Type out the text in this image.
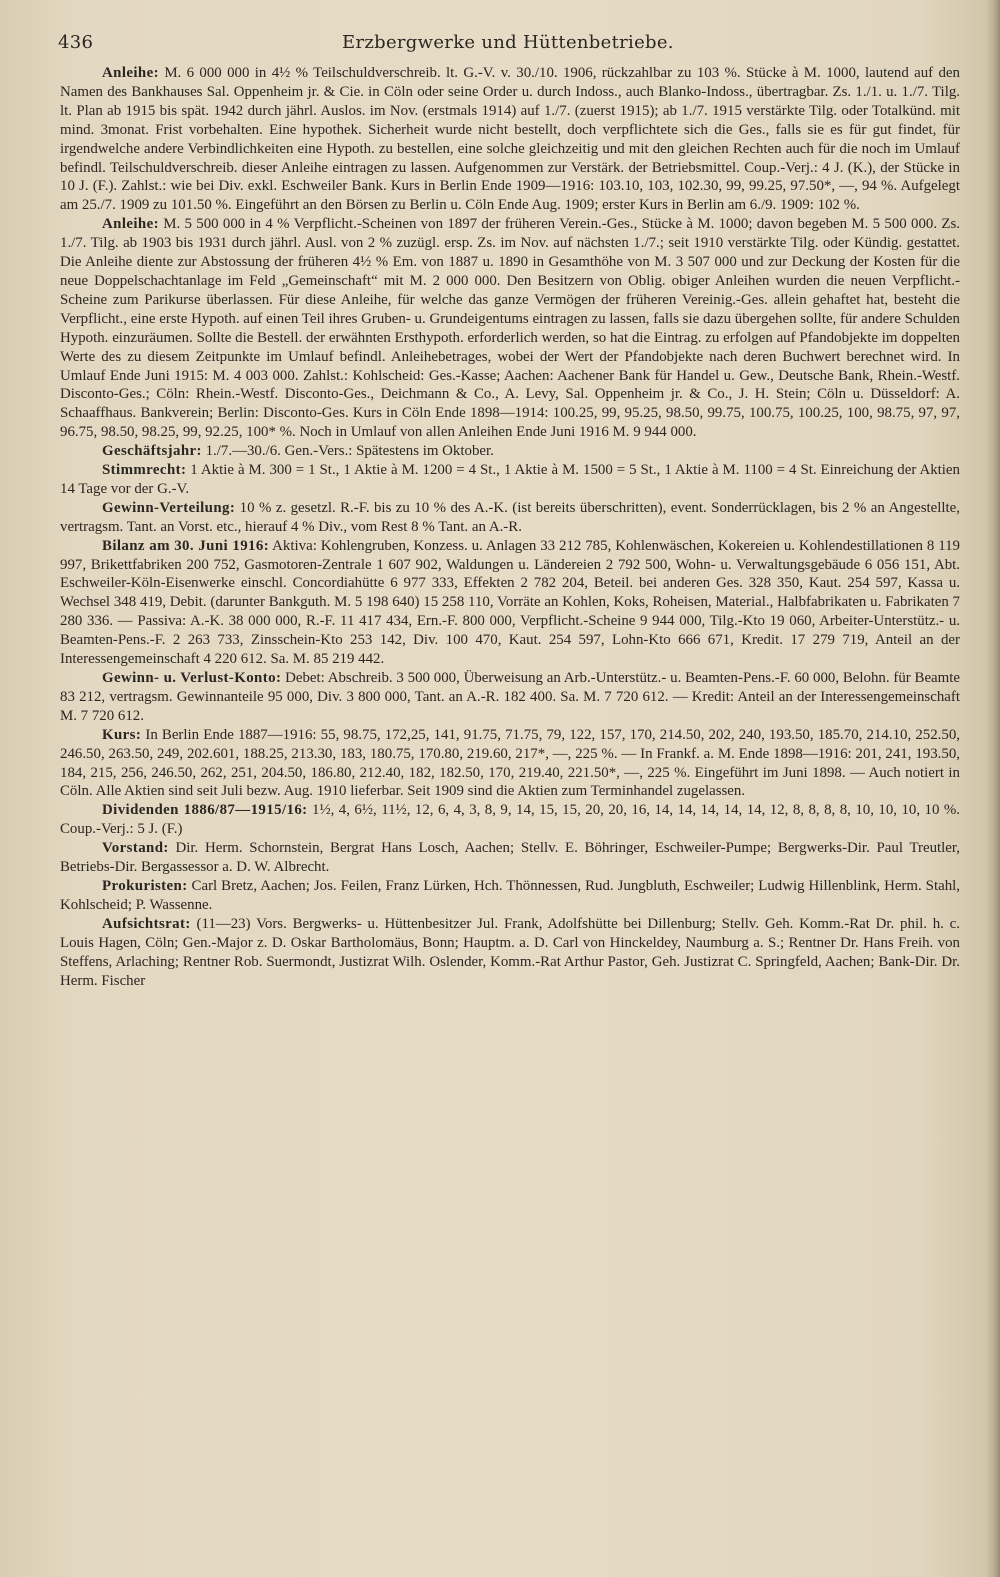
436	Erzbergwerke und Hüttenbetriebe.

Anleihe: M. 6 000 000 in 4½ % Teilschuldverschreib. lt. G.-V. v. 30./10. 1906, rückzahlbar zu 103 %. Stücke à M. 1000, lautend auf den Namen des Bankhauses Sal. Oppenheim jr. & Cie. in Cöln oder seine Order u. durch Indoss., auch Blanko-Indoss., übertragbar. Zs. 1./1. u. 1./7. Tilg. lt. Plan ab 1915 bis spät. 1942 durch jährl. Auslos. im Nov. (erstmals 1914) auf 1./7. (zuerst 1915); ab 1./7. 1915 verstärkte Tilg. oder Totalkünd. mit mind. 3monat. Frist vorbehalten. Eine hypothek. Sicherheit wurde nicht bestellt, doch verpflichtete sich die Ges., falls sie es für gut findet, für irgendwelche andere Verbindlichkeiten eine Hypoth. zu bestellen, eine solche gleichzeitig und mit den gleichen Rechten auch für die noch im Umlauf befindl. Teilschuldverschreib. dieser Anleihe eintragen zu lassen. Aufgenommen zur Verstärk. der Betriebsmittel. Coup.-Verj.: 4 J. (K.), der Stücke in 10 J. (F.). Zahlst.: wie bei Div. exkl. Eschweiler Bank. Kurs in Berlin Ende 1909—1916: 103.10, 103, 102.30, 99, 99.25, 97.50*, —, 94 %. Aufgelegt am 25./7. 1909 zu 101.50 %. Eingeführt an den Börsen zu Berlin u. Cöln Ende Aug. 1909; erster Kurs in Berlin am 6./9. 1909: 102 %.

Anleihe: M. 5 500 000 in 4 % Verpflicht.-Scheinen von 1897 der früheren Verein.-Ges., Stücke à M. 1000; davon begeben M. 5 500 000. Zs. 1./7. Tilg. ab 1903 bis 1931 durch jährl. Ausl. von 2 % zuzügl. ersp. Zs. im Nov. auf nächsten 1./7.; seit 1910 verstärkte Tilg. oder Kündig. gestattet. Die Anleihe diente zur Abstossung der früheren 4½ % Em. von 1887 u. 1890 in Gesamthöhe von M. 3 507 000 und zur Deckung der Kosten für die neue Doppelschachtanlage im Feld „Gemeinschaft“ mit M. 2 000 000. Den Besitzern von Oblig. obiger Anleihen wurden die neuen Verpflicht.-Scheine zum Parikurse überlassen. Für diese Anleihe, für welche das ganze Vermögen der früheren Vereinig.-Ges. allein gehaftet hat, besteht die Verpflicht., eine erste Hypoth. auf einen Teil ihres Gruben- u. Grundeigentums eintragen zu lassen, falls sie dazu übergehen sollte, für andere Schulden Hypoth. einzuräumen. Sollte die Bestell. der erwähnten Ersthypoth. erforderlich werden, so hat die Eintrag. zu erfolgen auf Pfandobjekte im doppelten Werte des zu diesem Zeitpunkte im Umlauf befindl. Anleihebetrages, wobei der Wert der Pfandobjekte nach deren Buchwert berechnet wird. In Umlauf Ende Juni 1915: M. 4 003 000. Zahlst.: Kohlscheid: Ges.-Kasse; Aachen: Aachener Bank für Handel u. Gew., Deutsche Bank, Rhein.-Westf. Disconto-Ges.; Cöln: Rhein.-Westf. Disconto-Ges., Deichmann & Co., A. Levy, Sal. Oppenheim jr. & Co., J. H. Stein; Cöln u. Düsseldorf: A. Schaaffhaus. Bankverein; Berlin: Disconto-Ges. Kurs in Cöln Ende 1898—1914: 100.25, 99, 95.25, 98.50, 99.75, 100.75, 100.25, 100, 98.75, 97, 97, 96.75, 98.50, 98.25, 99, 92.25, 100* %. Noch in Umlauf von allen Anleihen Ende Juni 1916 M. 9 944 000.

Geschäftsjahr: 1./7.—30./6. Gen.-Vers.: Spätestens im Oktober.

Stimmrecht: 1 Aktie à M. 300 = 1 St., 1 Aktie à M. 1200 = 4 St., 1 Aktie à M. 1500 = 5 St., 1 Aktie à M. 1100 = 4 St. Einreichung der Aktien 14 Tage vor der G.-V.

Gewinn-Verteilung: 10 % z. gesetzl. R.-F. bis zu 10 % des A.-K. (ist bereits überschritten), event. Sonderrücklagen, bis 2 % an Angestellte, vertragsm. Tant. an Vorst. etc., hierauf 4 % Div., vom Rest 8 % Tant. an A.-R.

Bilanz am 30. Juni 1916: Aktiva: Kohlengruben, Konzess. u. Anlagen 33 212 785, Kohlenwäschen, Kokereien u. Kohlendestillationen 8 119 997, Brikettfabriken 200 752, Gasmotoren-Zentrale 1 607 902, Waldungen u. Ländereien 2 792 500, Wohn- u. Verwaltungsgebäude 6 056 151, Abt. Eschweiler-Köln-Eisenwerke einschl. Concordiahütte 6 977 333, Effekten 2 782 204, Beteil. bei anderen Ges. 328 350, Kaut. 254 597, Kassa u. Wechsel 348 419, Debit. (darunter Bankguth. M. 5 198 640) 15 258 110, Vorräte an Kohlen, Koks, Roheisen, Material., Halbfabrikaten u. Fabrikaten 7 280 336. — Passiva: A.-K. 38 000 000, R.-F. 11 417 434, Ern.-F. 800 000, Verpflicht.-Scheine 9 944 000, Tilg.-Kto 19 060, Arbeiter-Unterstütz.- u. Beamten-Pens.-F. 2 263 733, Zinsschein-Kto 253 142, Div. 100 470, Kaut. 254 597, Lohn-Kto 666 671, Kredit. 17 279 719, Anteil an der Interessengemeinschaft 4 220 612. Sa. M. 85 219 442.

Gewinn- u. Verlust-Konto: Debet: Abschreib. 3 500 000, Überweisung an Arb.-Unterstütz.- u. Beamten-Pens.-F. 60 000, Belohn. für Beamte 83 212, vertragsm. Gewinnanteile 95 000, Div. 3 800 000, Tant. an A.-R. 182 400. Sa. M. 7 720 612. — Kredit: Anteil an der Interessengemeinschaft M. 7 720 612.

Kurs: In Berlin Ende 1887—1916: 55, 98.75, 172,25, 141, 91.75, 71.75, 79, 122, 157, 170, 214.50, 202, 240, 193.50, 185.70, 214.10, 252.50, 246.50, 263.50, 249, 202.601, 188.25, 213.30, 183, 180.75, 170.80, 219.60, 217*, —, 225 %. — In Frankf. a. M. Ende 1898—1916: 201, 241, 193.50, 184, 215, 256, 246.50, 262, 251, 204.50, 186.80, 212.40, 182, 182.50, 170, 219.40, 221.50*, —, 225 %. Eingeführt im Juni 1898. — Auch notiert in Cöln. Alle Aktien sind seit Juli bezw. Aug. 1910 lieferbar. Seit 1909 sind die Aktien zum Terminhandel zugelassen.

Dividenden 1886/87—1915/16: 1½, 4, 6½, 11½, 12, 6, 4, 3, 8, 9, 14, 15, 15, 20, 20, 16, 14, 14, 14, 14, 14, 12, 8, 8, 8, 8, 10, 10, 10, 10 %. Coup.-Verj.: 5 J. (F.)

Vorstand: Dir. Herm. Schornstein, Bergrat Hans Losch, Aachen; Stellv. E. Böhringer, Eschweiler-Pumpe; Bergwerks-Dir. Paul Treutler, Betriebs-Dir. Bergassessor a. D. W. Albrecht.

Prokuristen: Carl Bretz, Aachen; Jos. Feilen, Franz Lürken, Hch. Thönnessen, Rud. Jungbluth, Eschweiler; Ludwig Hillenblink, Herm. Stahl, Kohlscheid; P. Wassenne.

Aufsichtsrat: (11—23) Vors. Bergwerks- u. Hüttenbesitzer Jul. Frank, Adolfshütte bei Dillenburg; Stellv. Geh. Komm.-Rat Dr. phil. h. c. Louis Hagen, Cöln; Gen.-Major z. D. Oskar Bartholomäus, Bonn; Hauptm. a. D. Carl von Hinckeldey, Naumburg a. S.; Rentner Dr. Hans Freih. von Steffens, Arlaching; Rentner Rob. Suermondt, Justizrat Wilh. Oslender, Komm.-Rat Arthur Pastor, Geh. Justizrat C. Springfeld, Aachen; Bank-Dir. Dr. Herm. Fischer
